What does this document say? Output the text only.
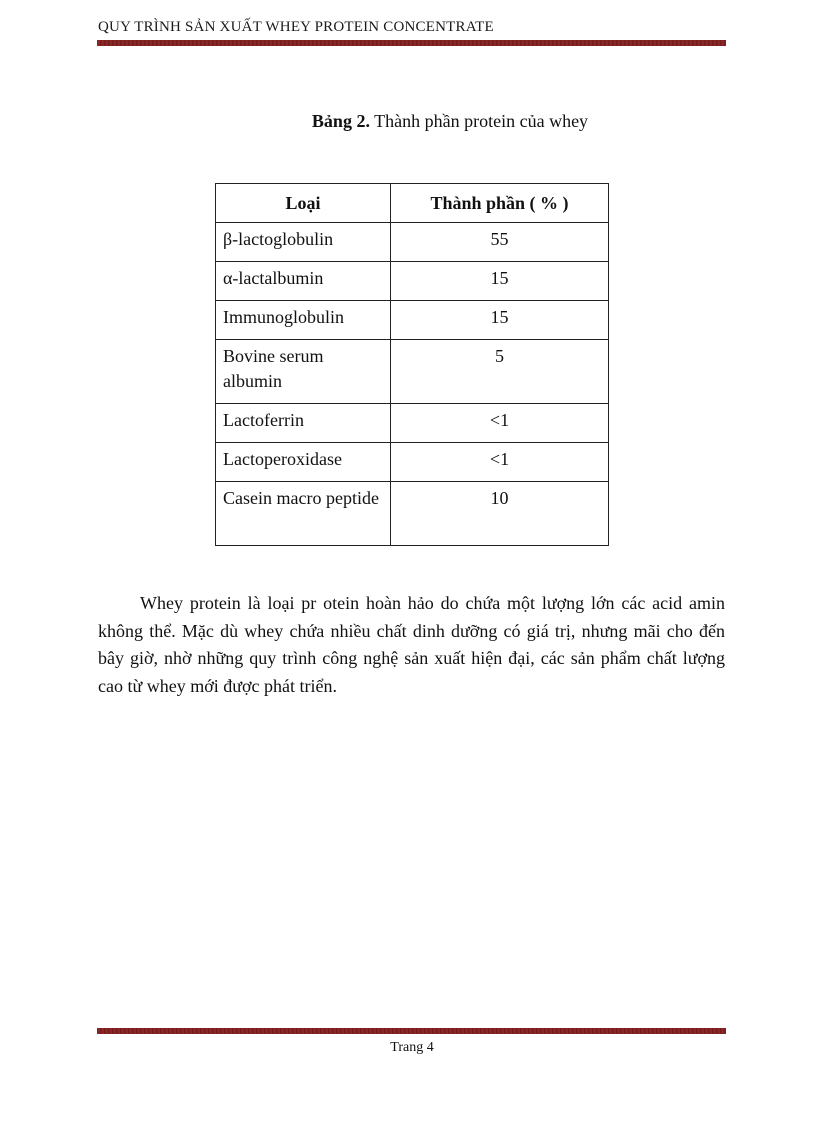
QUY TRÌNH SẢN XUẤT WHEY PROTEIN CONCENTRATE
Bảng 2. Thành phần protein của whey
Loại	Thành phần ( % )
β-lactoglobulin	55
α-lactalbumin	15
Immunoglobulin	15
Bovine serum albumin	5
Lactoferrin	<1
Lactoperoxidase	<1
Casein macro peptide	10

Whey protein là loại pr otein hoàn hảo do chứa một lượng lớn các acid amin không thể. Mặc dù whey chứa nhiều chất dinh dưỡng có giá trị, nhưng mãi cho đến bây giờ, nhờ những quy trình công nghệ sản xuất hiện đại, các sản phẩm chất lượng cao từ whey mới được phát triển.

Trang 4
